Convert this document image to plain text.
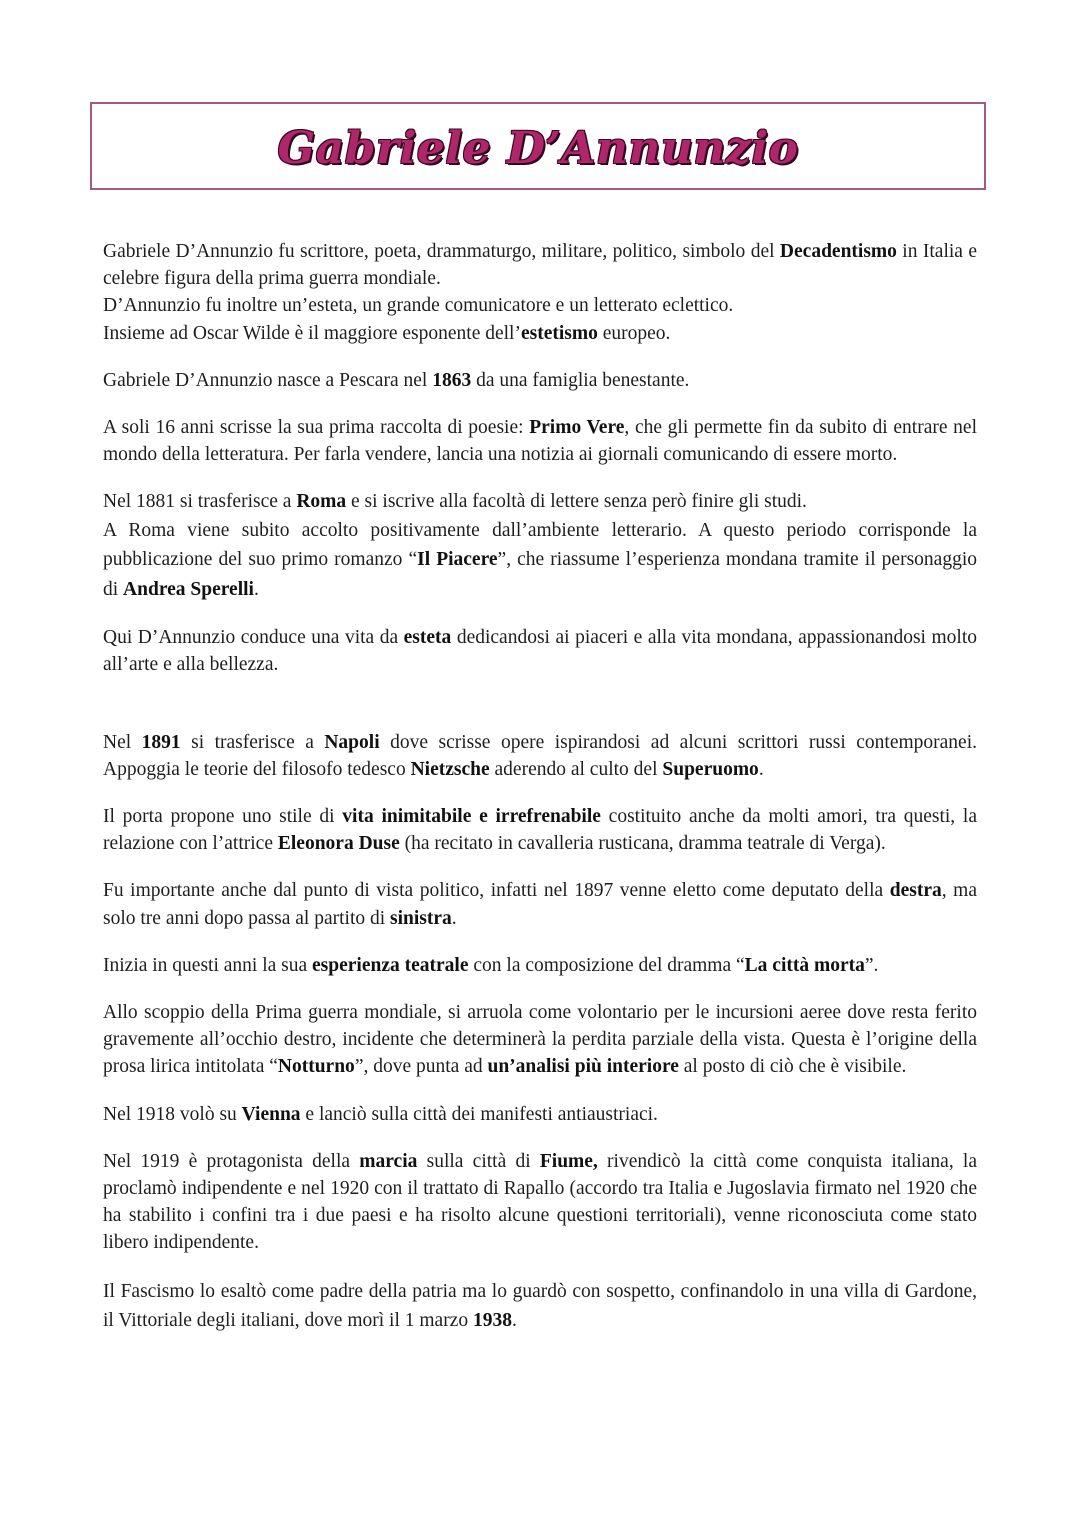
Gabriele D’Annunzio

Gabriele D’Annunzio fu scrittore, poeta, drammaturgo, militare, politico, simbolo del Decadentismo in Italia e celebre figura della prima guerra mondiale.

D’Annunzio fu inoltre un’esteta, un grande comunicatore e un letterato eclettico.

Insieme ad Oscar Wilde è il maggiore esponente dell’estetismo europeo.

Gabriele D’Annunzio nasce a Pescara nel 1863 da una famiglia benestante.

A soli 16 anni scrisse la sua prima raccolta di poesie: Primo Vere, che gli permette fin da subito di entrare nel mondo della letteratura. Per farla vendere, lancia una notizia ai giornali comunicando di essere morto.

Nel 1881 si trasferisce a Roma e si iscrive alla facoltà di lettere senza però finire gli studi.

A Roma viene subito accolto positivamente dall’ambiente letterario. A questo periodo corrisponde la pubblicazione del suo primo romanzo “Il Piacere”, che riassume l’esperienza mondana tramite il personaggio di Andrea Sperelli.

Qui D’Annunzio conduce una vita da esteta dedicandosi ai piaceri e alla vita mondana, appassionandosi molto all’arte e alla bellezza.

Nel 1891 si trasferisce a Napoli dove scrisse opere ispirandosi ad alcuni scrittori russi contemporanei. Appoggia le teorie del filosofo tedesco Nietzsche aderendo al culto del Superuomo.

Il porta propone uno stile di vita inimitabile e irrefrenabile costituito anche da molti amori, tra questi, la relazione con l’attrice Eleonora Duse (ha recitato in cavalleria rusticana, dramma teatrale di Verga).

Fu importante anche dal punto di vista politico, infatti nel 1897 venne eletto come deputato della destra, ma solo tre anni dopo passa al partito di sinistra.

Inizia in questi anni la sua esperienza teatrale con la composizione del dramma “La città morta”.

Allo scoppio della Prima guerra mondiale, si arruola come volontario per le incursioni aeree dove resta ferito gravemente all’occhio destro, incidente che determinerà la perdita parziale della vista. Questa è l’origine della prosa lirica intitolata “Notturno”, dove punta ad un’analisi più interiore al posto di ciò che è visibile.

Nel 1918 volò su Vienna e lanciò sulla città dei manifesti antiaustriaci.

Nel 1919 è protagonista della marcia sulla città di Fiume, rivendicò la città come conquista italiana, la proclamò indipendente e nel 1920 con il trattato di Rapallo (accordo tra Italia e Jugoslavia firmato nel 1920 che ha stabilito i confini tra i due paesi e ha risolto alcune questioni territoriali), venne riconosciuta come stato libero indipendente.

Il Fascismo lo esaltò come padre della patria ma lo guardò con sospetto, confinandolo in una villa di Gardone, il Vittoriale degli italiani, dove morì il 1 marzo 1938.
